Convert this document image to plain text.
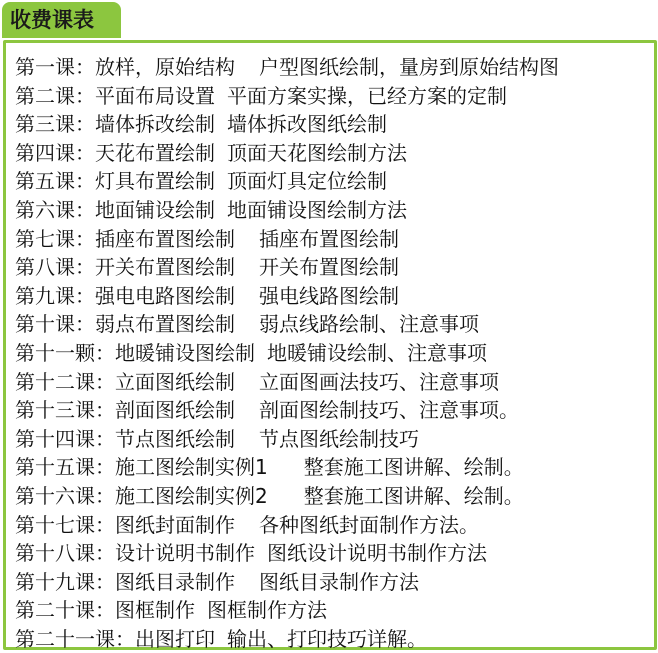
收费课表
第一课：放样，原始结构 户型图纸绘制，量房到原始结构图
第二课：平面布局设置 平面方案实操，已经方案的定制
第三课：墙体拆改绘制 墙体拆改图纸绘制
第四课：天花布置绘制 顶面天花图绘制方法
第五课：灯具布置绘制 顶面灯具定位绘制
第六课：地面铺设绘制 地面铺设图绘制方法
第七课：插座布置图绘制 插座布置图绘制
第八课：开关布置图绘制 开关布置图绘制
第九课：强电电路图绘制 强电线路图绘制
第十课：弱点布置图绘制 弱点线路绘制、注意事项
第十一颗：地暖铺设图绘制 地暖铺设绘制、注意事项
第十二课：立面图纸绘制 立面图画法技巧、注意事项
第十三课：剖面图纸绘制 剖面图绘制技巧、注意事项。
第十四课：节点图纸绘制 节点图纸绘制技巧
第十五课：施工图绘制实例1 整套施工图讲解、绘制。
第十六课：施工图绘制实例2 整套施工图讲解、绘制。
第十七课：图纸封面制作 各种图纸封面制作方法。
第十八课：设计说明书制作 图纸设计说明书制作方法
第十九课：图纸目录制作 图纸目录制作方法
第二十课：图框制作 图框制作方法
第二十一课：出图打印 输出、打印技巧详解。
